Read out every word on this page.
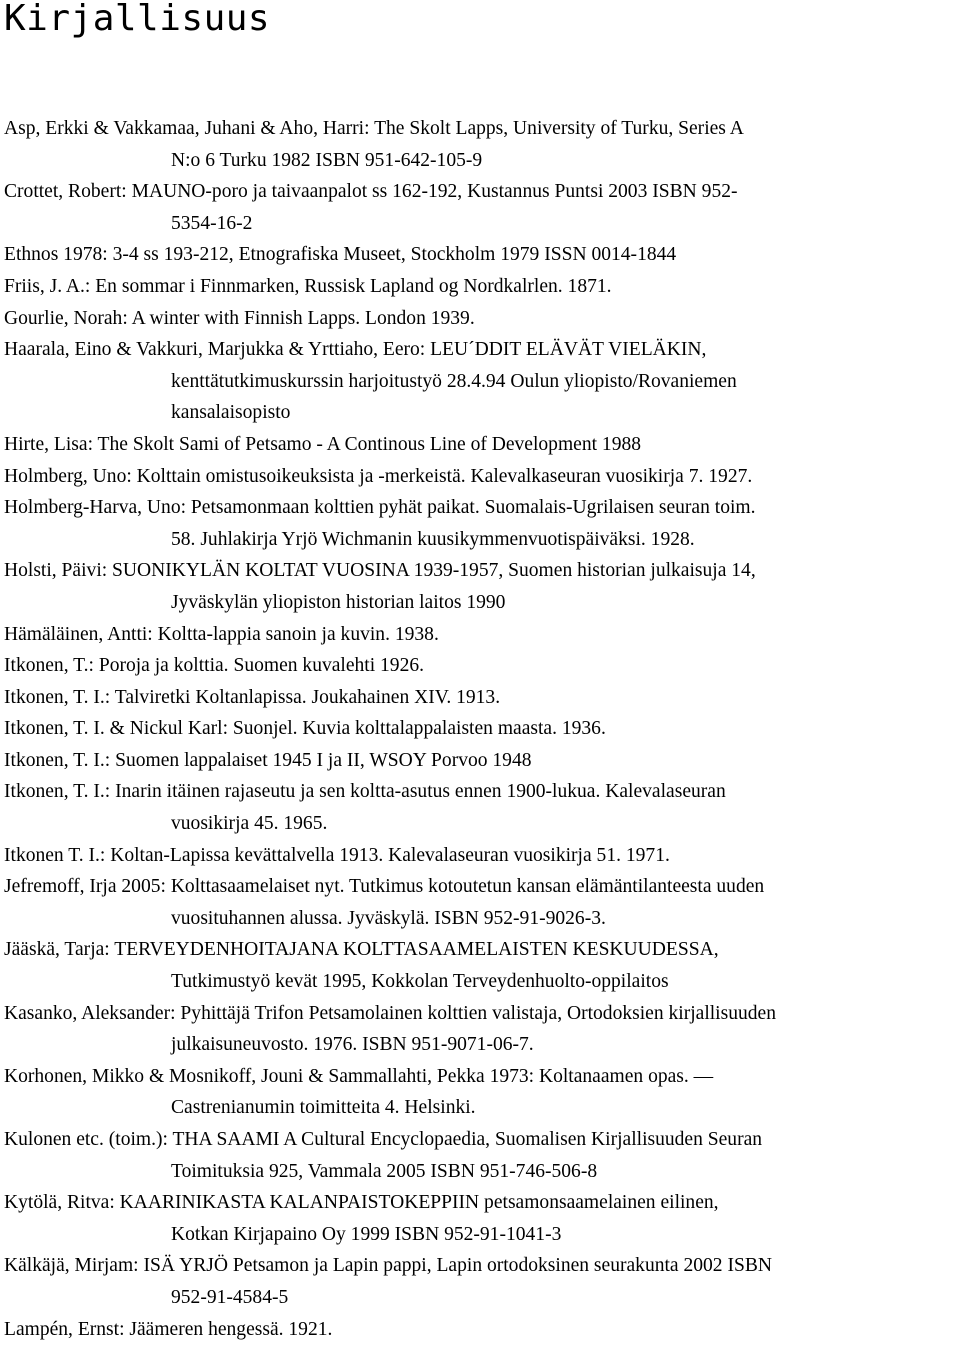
Kirjallisuus

Asp, Erkki & Vakkamaa, Juhani & Aho, Harri: The Skolt Lapps, University of Turku, Series A
N:o 6 Turku 1982 ISBN 951-642-105-9

Crottet, Robert: MAUNO-poro ja taivaanpalot ss 162-192, Kustannus Puntsi 2003 ISBN 952-
5354-16-2

Ethnos 1978: 3-4 ss 193-212, Etnografiska Museet, Stockholm 1979 ISSN 0014-1844

Friis, J. A.: En sommar i Finnmarken, Russisk Lapland og Nordkalrlen. 1871.

Gourlie, Norah: A winter with Finnish Lapps. London 1939.

Haarala, Eino & Vakkuri, Marjukka & Yrttiaho, Eero: LEU´DDIT ELÄVÄT VIELÄKIN,
kenttätutkimuskurssin harjoitustyö 28.4.94 Oulun yliopisto/Rovaniemen
kansalaisopisto

Hirte, Lisa: The Skolt Sami of Petsamo - A Continous Line of Development 1988

Holmberg, Uno: Kolttain omistusoikeuksista ja -merkeistä. Kalevalkaseuran vuosikirja 7. 1927.

Holmberg-Harva, Uno: Petsamonmaan kolttien pyhät paikat. Suomalais-Ugrilaisen seuran toim.
58. Juhlakirja Yrjö Wichmanin kuusikymmenvuotispäiväksi. 1928.

Holsti, Päivi: SUONIKYLÄN KOLTAT VUOSINA 1939-1957, Suomen historian julkaisuja 14,
Jyväskylän yliopiston historian laitos 1990

Hämäläinen, Antti: Koltta-lappia sanoin ja kuvin. 1938.

Itkonen, T.: Poroja ja kolttia. Suomen kuvalehti 1926.

Itkonen, T. I.: Talviretki Koltanlapissa. Joukahainen XIV. 1913.

Itkonen, T. I. & Nickul Karl: Suonjel. Kuvia kolttalappalaisten maasta. 1936.

Itkonen, T. I.: Suomen lappalaiset 1945 I ja II, WSOY Porvoo 1948

Itkonen, T. I.: Inarin itäinen rajaseutu ja sen koltta-asutus ennen 1900-lukua. Kalevalaseuran
vuosikirja 45. 1965.

Itkonen T. I.: Koltan-Lapissa kevättalvella 1913. Kalevalaseuran vuosikirja 51. 1971.

Jefremoff, Irja 2005: Kolttasaamelaiset nyt. Tutkimus kotoutetun kansan elämäntilanteesta uuden
vuosituhannen alussa. Jyväskylä. ISBN 952-91-9026-3.

Jääskä, Tarja: TERVEYDENHOITAJANA KOLTTASAAMELAISTEN KESKUUDESSA,
Tutkimustyö kevät 1995, Kokkolan Terveydenhuolto-oppilaitos

Kasanko, Aleksander: Pyhittäjä Trifon Petsamolainen kolttien valistaja, Ortodoksien kirjallisuuden
julkaisuneuvosto. 1976. ISBN 951-9071-06-7.

Korhonen, Mikko & Mosnikoff, Jouni & Sammallahti, Pekka 1973: Koltanaamen opas. —
Castrenianumin toimitteita 4. Helsinki.

Kulonen etc. (toim.): THA SAAMI A Cultural Encyclopaedia, Suomalisen Kirjallisuuden Seuran
Toimituksia 925, Vammala 2005 ISBN 951-746-506-8

Kytölä, Ritva: KAARINIKASTA KALANPAISTOKEPPIIN petsamonsaamelainen eilinen,
Kotkan Kirjapaino Oy 1999 ISBN 952-91-1041-3

Kälkäjä, Mirjam: ISÄ YRJÖ Petsamon ja Lapin pappi, Lapin ortodoksinen seurakunta 2002 ISBN
952-91-4584-5

Lampén, Ernst: Jäämeren hengessä. 1921.
